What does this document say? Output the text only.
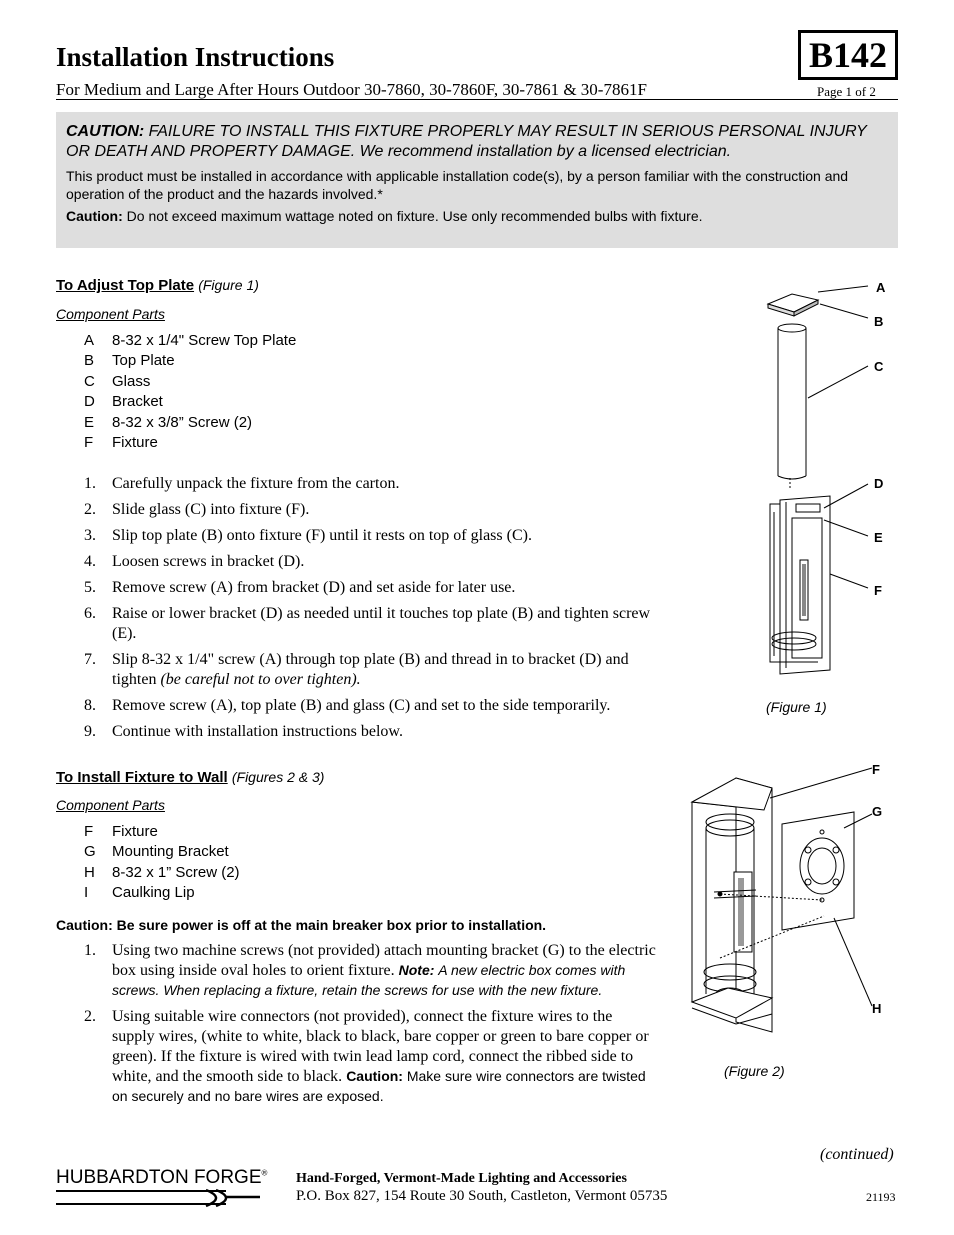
Installation Instructions	B142
For Medium and Large After Hours Outdoor 30-7860, 30-7860F, 30-7861 & 30-7861F	Page 1 of 2
CAUTION: FAILURE TO INSTALL THIS FIXTURE PROPERLY MAY RESULT IN SERIOUS PERSONAL INJURY OR DEATH AND PROPERTY DAMAGE. We recommend installation by a licensed electrician.
This product must be installed in accordance with applicable installation code(s), by a person familiar with the construction and operation of the product and the hazards involved.*
Caution: Do not exceed maximum wattage noted on fixture. Use only recommended bulbs with fixture.
To Adjust Top Plate (Figure 1)
Component Parts
A	8-32 x 1/4" Screw Top Plate
B	Top Plate
C	Glass
D	Bracket
E	8-32 x 3/8” Screw (2)
F	Fixture
1.	Carefully unpack the fixture from the carton.
2.	Slide glass (C) into fixture (F).
3.	Slip top plate (B) onto fixture (F) until it rests on top of glass (C).
4.	Loosen screws in bracket (D).
5.	Remove screw (A) from bracket (D) and set aside for later use.
6.	Raise or lower bracket (D) as needed until it touches top plate (B) and tighten screw (E).
7.	Slip 8-32 x 1/4" screw (A) through top plate (B) and thread in to bracket (D) and tighten (be careful not to over tighten).
8.	Remove screw (A), top plate (B) and glass (C) and set to the side temporarily.
9.	Continue with installation instructions below.
A
B
C
D
E
F
(Figure 1)
To Install Fixture to Wall (Figures 2 & 3)
Component Parts
F	Fixture
G	Mounting Bracket
H	8-32 x 1” Screw (2)
I	Caulking Lip
Caution: Be sure power is off at the main breaker box prior to installation.
1.	Using two machine screws (not provided) attach mounting bracket (G) to the electric box using inside oval holes to orient fixture. Note: A new electric box comes with screws. When replacing a fixture, retain the screws for use with the new fixture.
2.	Using suitable wire connectors (not provided), connect the fixture wires to the supply wires, (white to white, black to black, bare copper or green to bare copper or green). If the fixture is wired with twin lead lamp cord, connect the ribbed side to white, and the smooth side to black. Caution: Make sure wire connectors are twisted on securely and no bare wires are exposed.
F
G
H
(Figure 2)
(continued)
HUBBARDTON FORGE® Hand-Forged, Vermont-Made Lighting and Accessories
P.O. Box 827, 154 Route 30 South, Castleton, Vermont 05735	21193
